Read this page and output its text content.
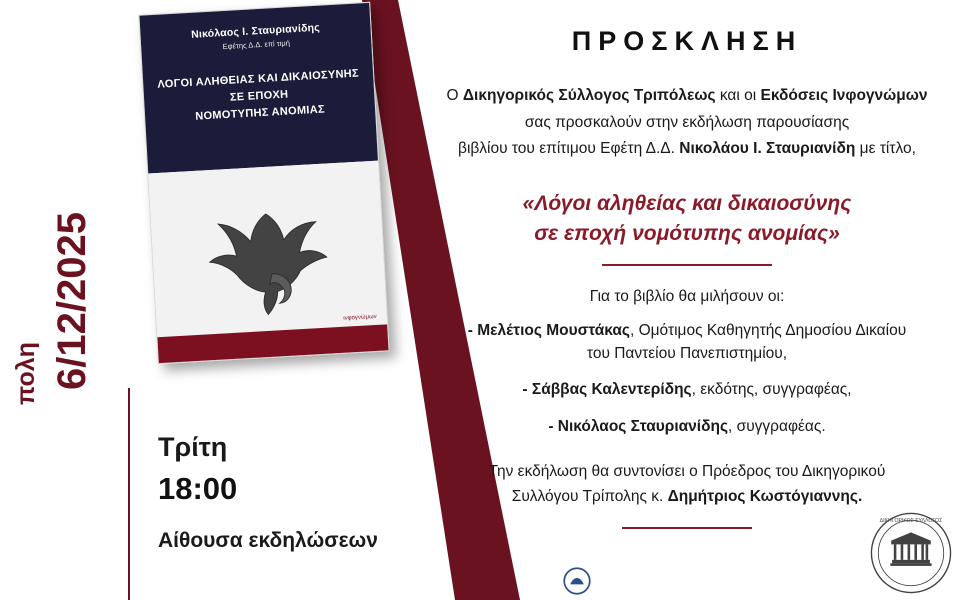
6/12/2025
πολη
Νικόλαος Ι. Σταυριανίδης
Εφέτης Δ.Δ. επί τιμή
ΛΟΓΟΙ ΑΛΗΘΕΙΑΣ ΚΑΙ ΔΙΚΑΙΟΣΥΝΗΣ
ΣΕ ΕΠΟΧΗ
ΝΟΜΟΤΥΠΗΣ ΑΝΟΜΙΑΣ
ινφογνώμων
Τρίτη
18:00
Αίθουσα εκδηλώσεων
ΠΡΟΣΚΛΗΣΗ
Ο Δικηγορικός Σύλλογος Τριπόλεως και οι Εκδόσεις Ινφογνώμων
σας προσκαλούν στην εκδήλωση παρουσίασης
βιβλίου του επίτιμου Εφέτη Δ.Δ. Νικολάου Ι. Σταυριανίδη με τίτλο,
«Λόγοι αληθείας και δικαιοσύνης
σε εποχή νομότυπης ανομίας»
Για το βιβλίο θα μιλήσουν οι:
- Μελέτιος Μουστάκας, Ομότιμος Καθηγητής Δημοσίου Δικαίου
του Παντείου Πανεπιστημίου,
- Σάββας Καλεντερίδης, εκδότης, συγγραφέας,
- Νικόλαος Σταυριανίδης, συγγραφέας.
Την εκδήλωση θα συντονίσει ο Πρόεδρος του Δικηγορικού
Συλλόγου Τρίπολης κ. Δημήτριος Κωστόγιαννης.
ΔΙΚΗΓΟΡΙΚΟΣ ΣΥΛΛΟΓΟΣ
